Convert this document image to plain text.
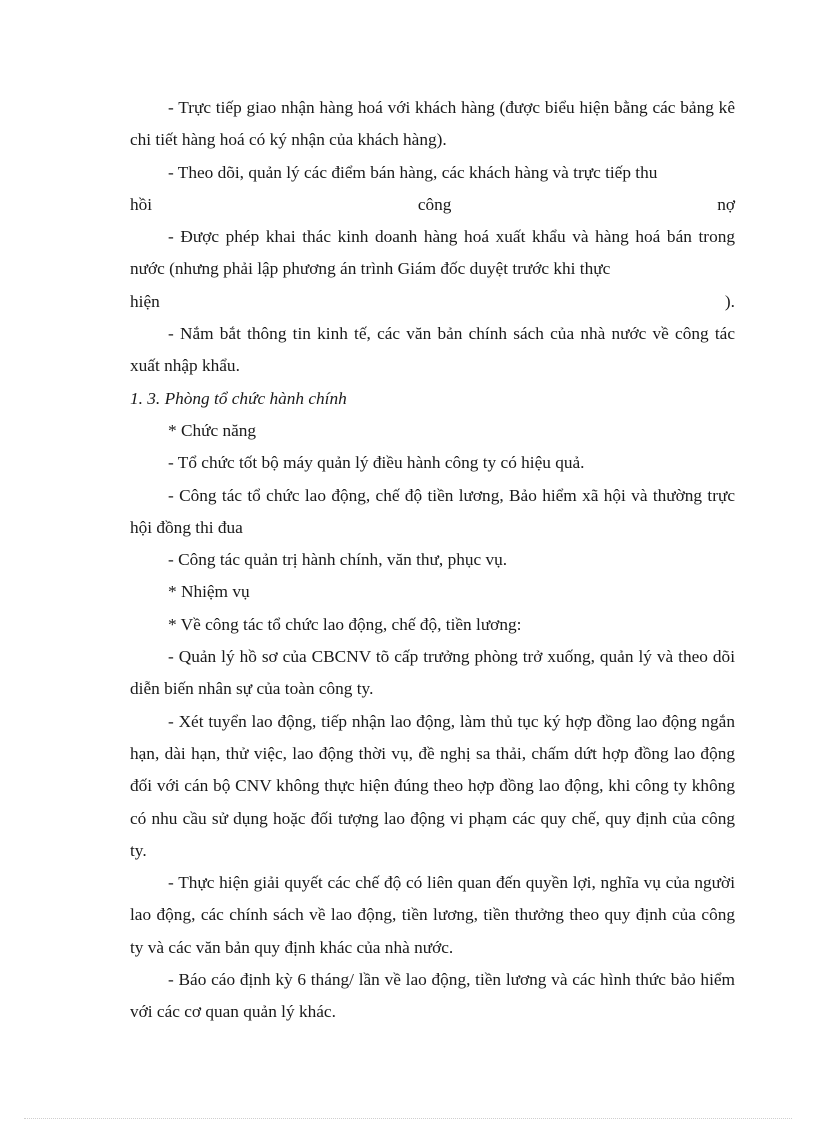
- Trực tiếp giao nhận hàng hoá với khách hàng (được biểu hiện bằng các bảng kê chi tiết hàng hoá có ký nhận của khách hàng).

- Theo dõi, quản lý các điểm bán hàng, các khách hàng và trực tiếp thu

hồi	công	nợ

- Được phép khai thác kinh doanh hàng hoá xuất khẩu và hàng hoá bán trong nước (nhưng phải lập phương án trình Giám đốc duyệt trước khi thực

hiện	).

- Nắm bắt thông tin kinh tế, các văn bản chính sách của nhà nước về công tác xuất nhập khẩu.

1. 3. Phòng tổ chức hành chính

* Chức năng

- Tổ chức tốt bộ máy quản lý điều hành công ty có hiệu quả.

- Công tác tổ chức lao động, chế độ tiền lương, Bảo hiểm xã hội và thường trực hội đồng thi đua

- Công tác quản trị hành chính, văn thư, phục vụ.

* Nhiệm vụ

* Về công tác tổ chức lao động, chế độ, tiền lương:

- Quản lý hồ sơ của CBCNV tõ cấp trưởng phòng trở xuống, quản lý và theo dõi diễn biến nhân sự của toàn công ty.

- Xét tuyển lao động, tiếp nhận lao động, làm thủ tục ký hợp đồng lao động ngắn hạn, dài hạn, thử việc, lao động thời vụ, đề nghị sa thải, chấm dứt hợp đồng lao động đối với cán bộ CNV không thực hiện đúng theo hợp đồng lao động, khi công ty không có nhu cầu sử dụng hoặc đối tượng lao động vi phạm các quy chế, quy định của công ty.

- Thực hiện giải quyết các chế độ có liên quan đến quyền lợi, nghĩa vụ của người lao động, các chính sách về lao động, tiền lương, tiền thưởng theo quy định của công ty và các văn bản quy định khác của nhà nước.

- Báo cáo định kỳ 6 tháng/ lần về lao động, tiền lương và các hình thức bảo hiểm với các cơ quan quản lý khác.
